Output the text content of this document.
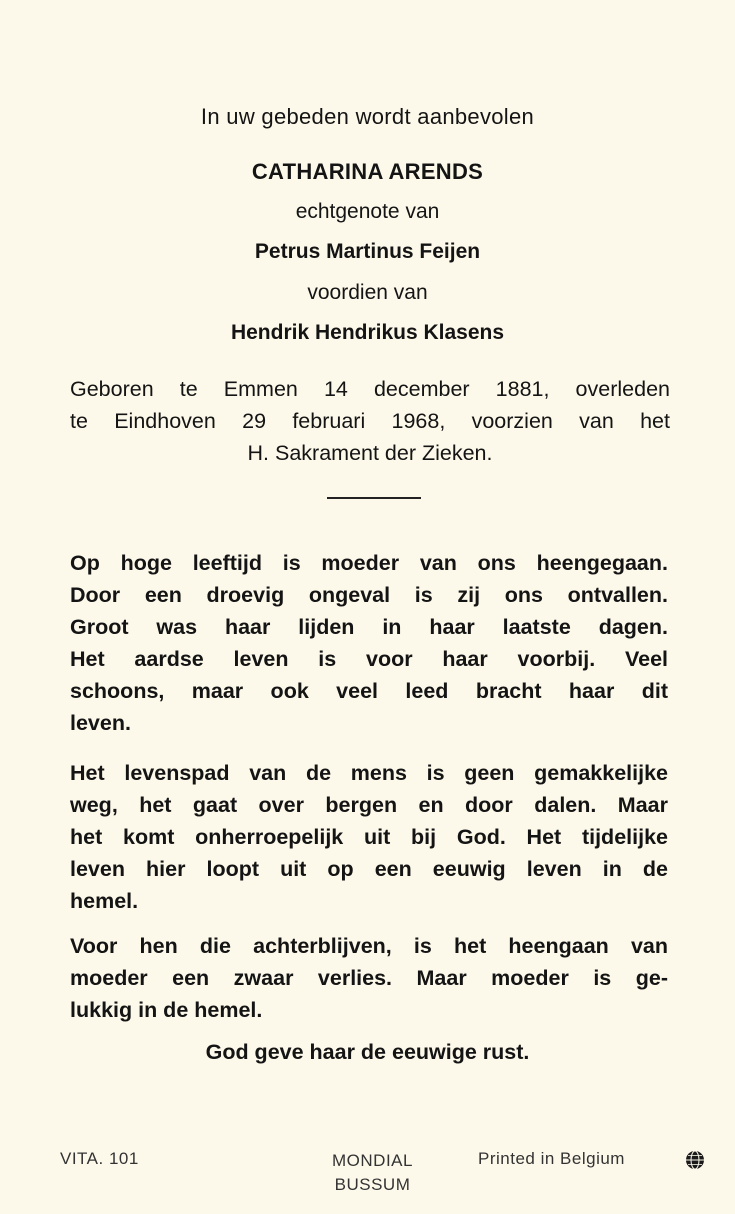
In uw gebeden wordt aanbevolen
CATHARINA ARENDS
echtgenote van
Petrus Martinus Feijen
voordien van
Hendrik Hendrikus Klasens
Geboren te Emmen 14 december 1881, overleden
te Eindhoven 29 februari 1968, voorzien van het
H. Sakrament der Zieken.
Op hoge leeftijd is moeder van ons heengegaan.
Door een droevig ongeval is zij ons ontvallen.
Groot was haar lijden in haar laatste dagen.
Het aardse leven is voor haar voorbij. Veel
schoons, maar ook veel leed bracht haar dit
leven.
Het levenspad van de mens is geen gemakkelijke
weg, het gaat over bergen en door dalen. Maar
het komt onherroepelijk uit bij God. Het tijdelijke
leven hier loopt uit op een eeuwig leven in de
hemel.
Voor hen die achterblijven, is het heengaan van
moeder een zwaar verlies. Maar moeder is ge-
lukkig in de hemel.
God geve haar de eeuwige rust.
VITA. 101	MONDIAL
BUSSUM
Printed in Belgium
